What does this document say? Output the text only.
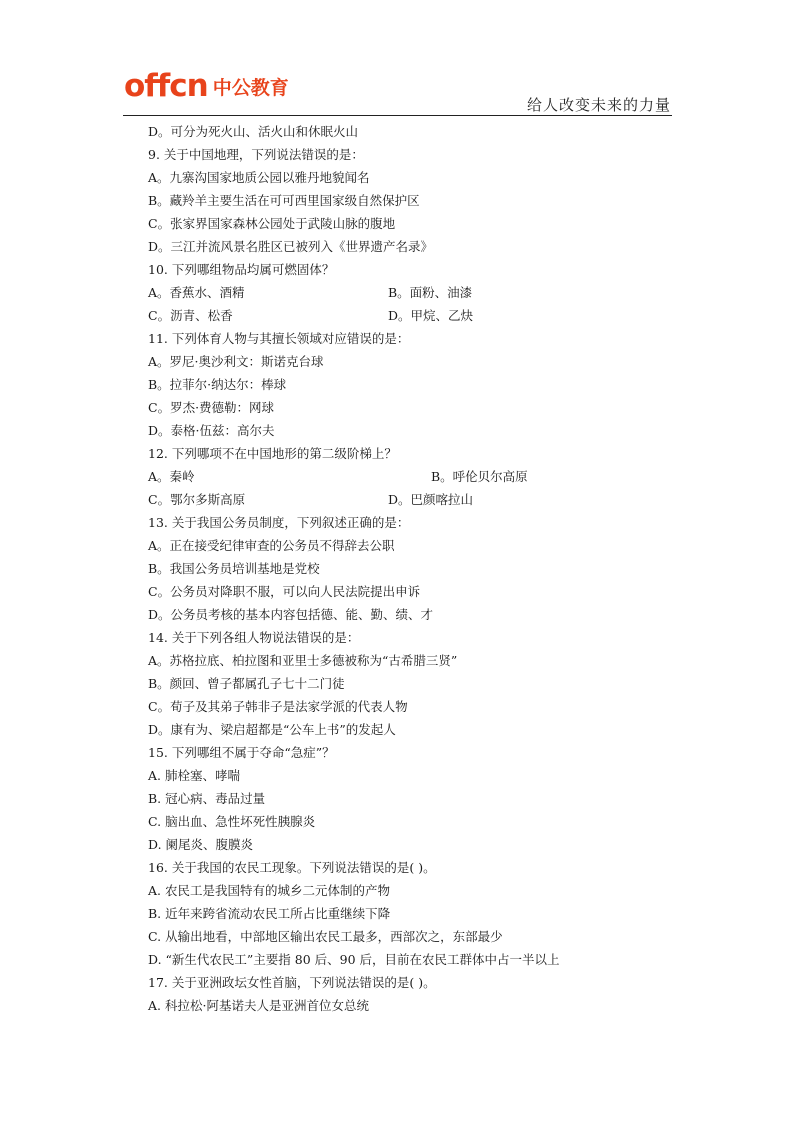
offcn 中公教育
给人改变未来的力量
D。可分为死火山、活火山和休眠火山
9. 关于中国地理，下列说法错误的是：
A。九寨沟国家地质公园以雅丹地貌闻名
B。藏羚羊主要生活在可可西里国家级自然保护区
C。张家界国家森林公园处于武陵山脉的腹地
D。三江并流风景名胜区已被列入《世界遗产名录》
10. 下列哪组物品均属可燃固体？
A。香蕉水、酒精	B。面粉、油漆
C。沥青、松香	D。甲烷、乙炔
11. 下列体育人物与其擅长领域对应错误的是：
A。罗尼·奥沙利文：斯诺克台球
B。拉菲尔·纳达尔：棒球
C。罗杰·费德勒：网球
D。泰格·伍兹：高尔夫
12. 下列哪项不在中国地形的第二级阶梯上？
A。秦岭	B。呼伦贝尔高原
C。鄂尔多斯高原	D。巴颜喀拉山
13. 关于我国公务员制度，下列叙述正确的是：
A。正在接受纪律审查的公务员不得辞去公职
B。我国公务员培训基地是党校
C。公务员对降职不服，可以向人民法院提出申诉
D。公务员考核的基本内容包括德、能、勤、绩、才
14. 关于下列各组人物说法错误的是：
A。苏格拉底、柏拉图和亚里士多德被称为“古希腊三贤”
B。颜回、曾子都属孔子七十二门徒
C。荀子及其弟子韩非子是法家学派的代表人物
D。康有为、梁启超都是“公车上书”的发起人
15. 下列哪组不属于夺命“急症”？
A. 肺栓塞、哮喘
B. 冠心病、毒品过量
C. 脑出血、急性坏死性胰腺炎
D. 阑尾炎、腹膜炎
16. 关于我国的农民工现象。下列说法错误的是( )。
A. 农民工是我国特有的城乡二元体制的产物
B. 近年来跨省流动农民工所占比重继续下降
C. 从输出地看，中部地区输出农民工最多，西部次之，东部最少
D. “新生代农民工”主要指 80 后、90 后，目前在农民工群体中占一半以上
17. 关于亚洲政坛女性首脑，下列说法错误的是( )。
A. 科拉松·阿基诺夫人是亚洲首位女总统
